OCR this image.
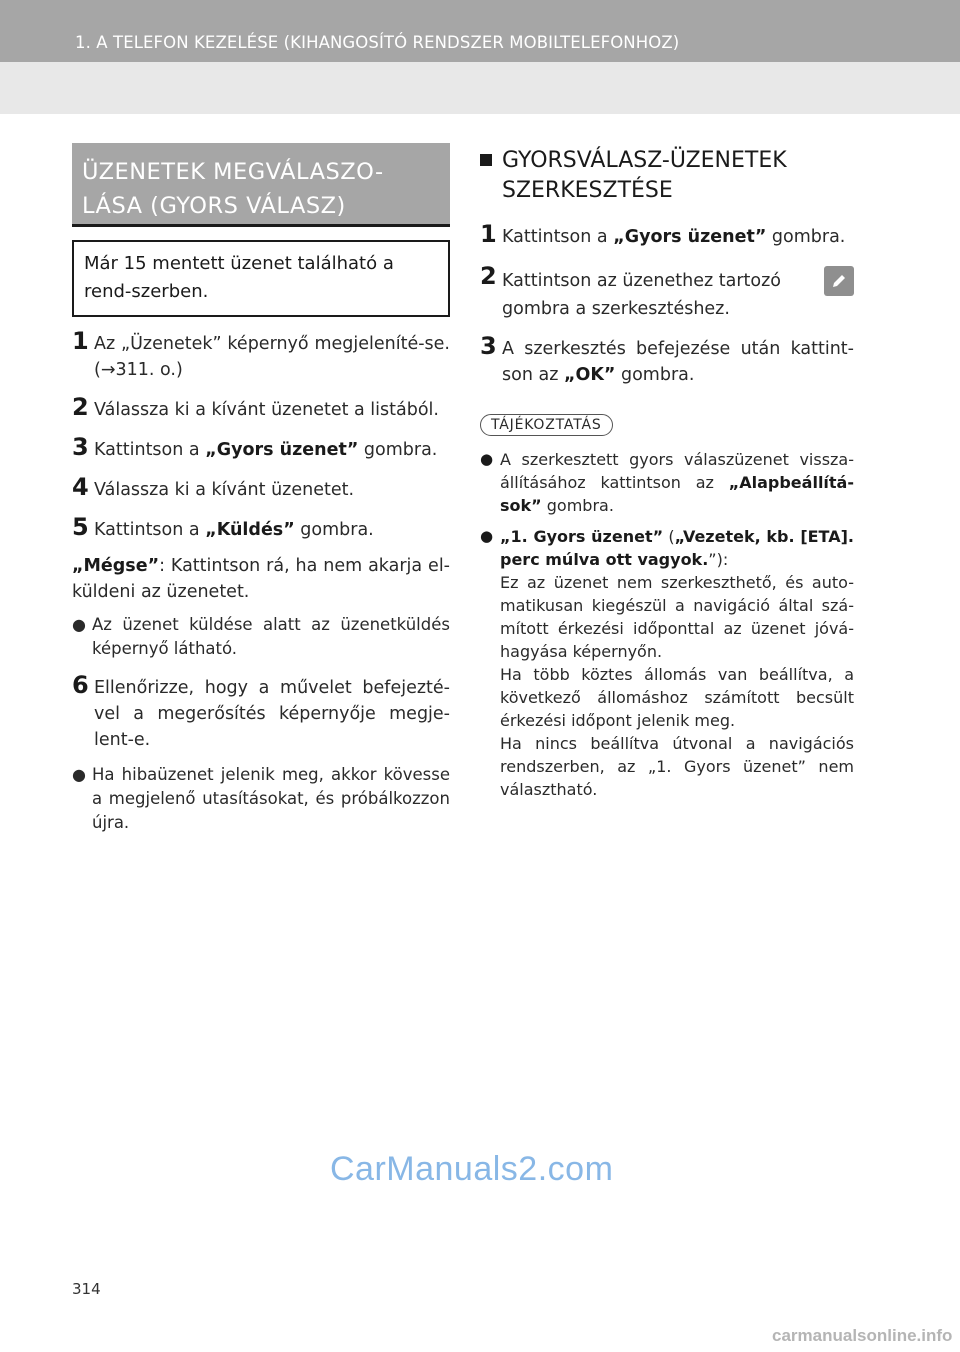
1. A TELEFON KEZELÉSE (KIHANGOSÍTÓ RENDSZER MOBILTELEFONHOZ)
ÜZENETEK MEGVÁLASZO-
LÁSA (GYORS VÁLASZ)
Már 15 mentett üzenet található a rend-szerben.
1 Az „Üzenetek” képernyő megjeleníté-se. (→311. o.)
2 Válassza ki a kívánt üzenetet a listából.
3 Kattintson a „Gyors üzenet” gombra.
4 Válassza ki a kívánt üzenetet.
5 Kattintson a „Küldés” gombra.
„Mégse”: Kattintson rá, ha nem akarja el-küldeni az üzenetet.
● Az üzenet küldése alatt az üzenetküldés képernyő látható.
6 Ellenőrizze, hogy a művelet befejezté-vel a megerősítés képernyője megje-lent-e.
● Ha hibaüzenet jelenik meg, akkor kövesse a megjelenő utasításokat, és próbálkozzon újra.
GYORSVÁLASZ-ÜZENETEK
SZERKESZTÉSE
1 Kattintson a „Gyors üzenet” gombra.
2 Kattintson az üzenethez tartozó
gombra a szerkesztéshez.
3 A szerkesztés befejezése után kattint-son az „OK” gombra.
TÁJÉKOZTATÁS
● A szerkesztett gyors válaszüzenet vissza-állításához kattintson az „Alapbeállítá-sok” gombra.
● „1. Gyors üzenet” („Vezetek, kb. [ETA]. perc múlva ott vagyok.”):
Ez az üzenet nem szerkeszthető, és auto-matikusan kiegészül a navigáció által szá-mított érkezési időponttal az üzenet jóvá-hagyása képernyőn.
Ha több köztes állomás van beállítva, a következő állomáshoz számított becsült érkezési időpont jelenik meg.
Ha nincs beállítva útvonal a navigációs rendszerben, az „1. Gyors üzenet” nem választható.
CarManuals2.com
314
carmanualsonline.info
